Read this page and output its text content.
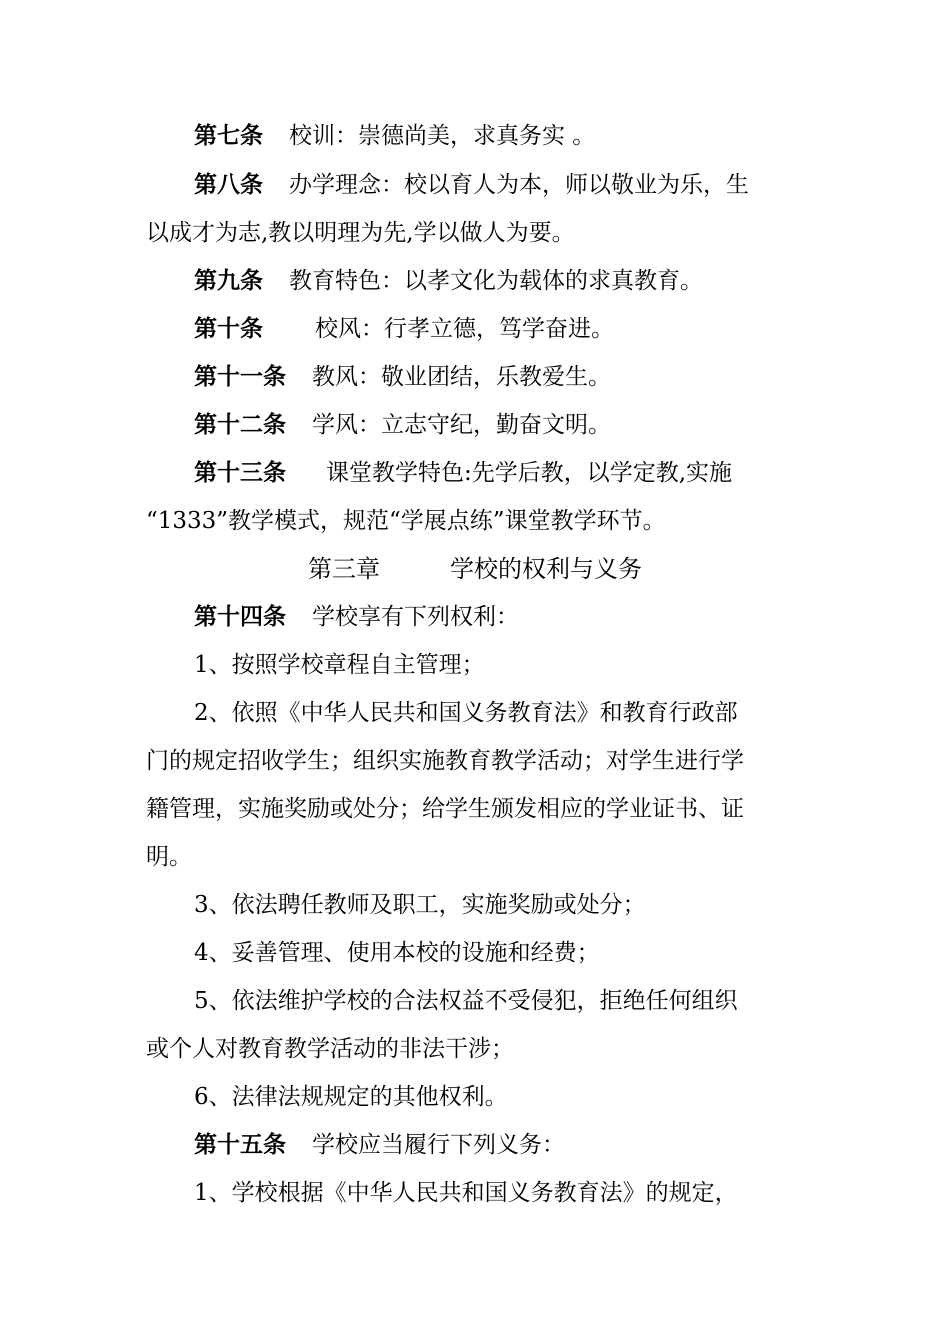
第七条 校训：崇德尚美，求真务实 。

第八条 办学理念：校以育人为本，师以敬业为乐，生

以成才为志,教以明理为先,学以做人为要。

第九条 教育特色：以孝文化为载体的求真教育。

第十条 校风：行孝立德，笃学奋进。

第十一条 教风：敬业团结，乐教爱生。

第十二条 学风：立志守纪，勤奋文明。

第十三条 课堂教学特色:先学后教，以学定教,实施

“1333”教学模式，规范“学展点练”课堂教学环节。

第三章	学校的权利与义务

第十四条 学校享有下列权利：

1、按照学校章程自主管理；

2、依照《中华人民共和国义务教育法》和教育行政部

门的规定招收学生；组织实施教育教学活动；对学生进行学

籍管理，实施奖励或处分；给学生颁发相应的学业证书、证

明。

3、依法聘任教师及职工，实施奖励或处分；

4、妥善管理、使用本校的设施和经费；

5、依法维护学校的合法权益不受侵犯，拒绝任何组织

或个人对教育教学活动的非法干涉；

6、法律法规规定的其他权利。

第十五条 学校应当履行下列义务：

1、学校根据《中华人民共和国义务教育法》的规定，
